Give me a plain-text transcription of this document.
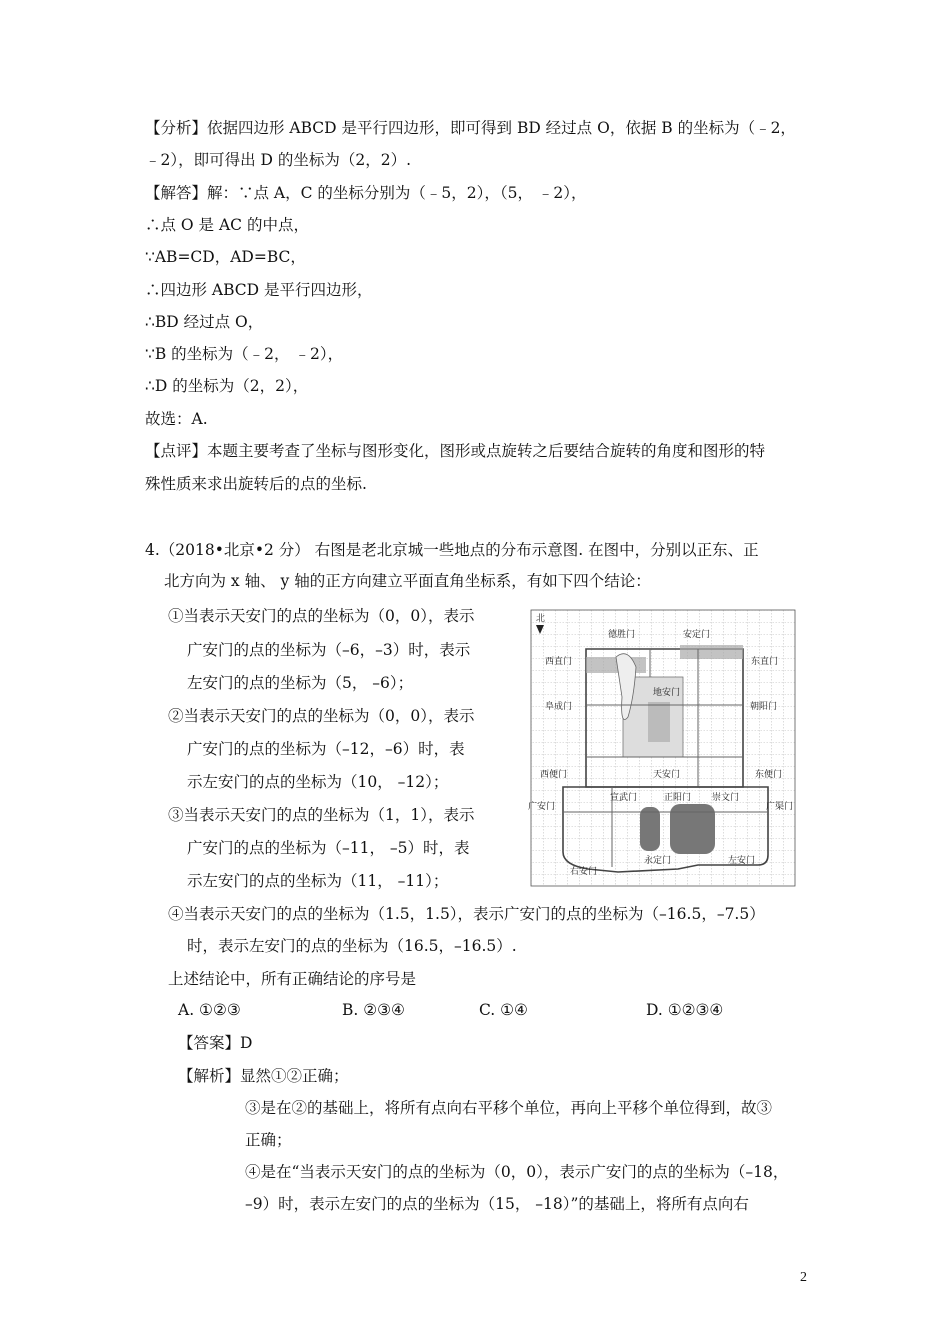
【分析】依据四边形 ABCD 是平行四边形，即可得到 BD 经过点 O，依据 B 的坐标为（﹣2，
﹣2），即可得出 D 的坐标为（2，2）.
【解答】解：∵点 A，C 的坐标分别为（﹣5，2），（5， ﹣2），
∴点 O 是 AC 的中点，
∵AB=CD，AD=BC，
∴四边形 ABCD 是平行四边形，
∴BD 经过点 O，
∵B 的坐标为（﹣2， ﹣2），
∴D 的坐标为（2，2），
故选：A.
【点评】本题主要考查了坐标与图形变化，图形或点旋转之后要结合旋转的角度和图形的特
殊性质来求出旋转后的点的坐标.
4.（2018•北京•2 分） 右图是老北京城一些地点的分布示意图. 在图中，分别以正东、正
北方向为 x 轴、 y 轴的正方向建立平面直角坐标系，有如下四个结论：
①当表示天安门的点的坐标为（0，0），表示
广安门的点的坐标为（–6，–3）时，表示
左安门的点的坐标为（5， –6）；
②当表示天安门的点的坐标为（0，0），表示
广安门的点的坐标为（–12，–6）时，表
示左安门的点的坐标为（10， –12）；
③当表示天安门的点的坐标为（1，1），表示
广安门的点的坐标为（–11， –5）时，表
示左安门的点的坐标为（11， –11）；
④当表示天安门的点的坐标为（1.5，1.5），表示广安门的点的坐标为（–16.5，–7.5）
时，表示左安门的点的坐标为（16.5，–16.5）.
上述结论中，所有正确结论的序号是
A. ①②③	B. ②③④	C. ①④	D. ①②③④
【答案】D
【解析】显然①②正确；
③是在②的基础上，将所有点向右平移个单位，再向上平移个单位得到，故③
正确；
④是在“当表示天安门的点的坐标为（0，0），表示广安门的点的坐标为（–18，
–9）时，表示左安门的点的坐标为（15， –18）”的基础上，将所有点向右
2
北
德胜门	安定门
西直门	东直门
地安门
阜成门	朝阳门
西便门	天安门	东便门
广安门
宣武门	正阳门 崇文门
广渠门
永定门	左安门
右安门
